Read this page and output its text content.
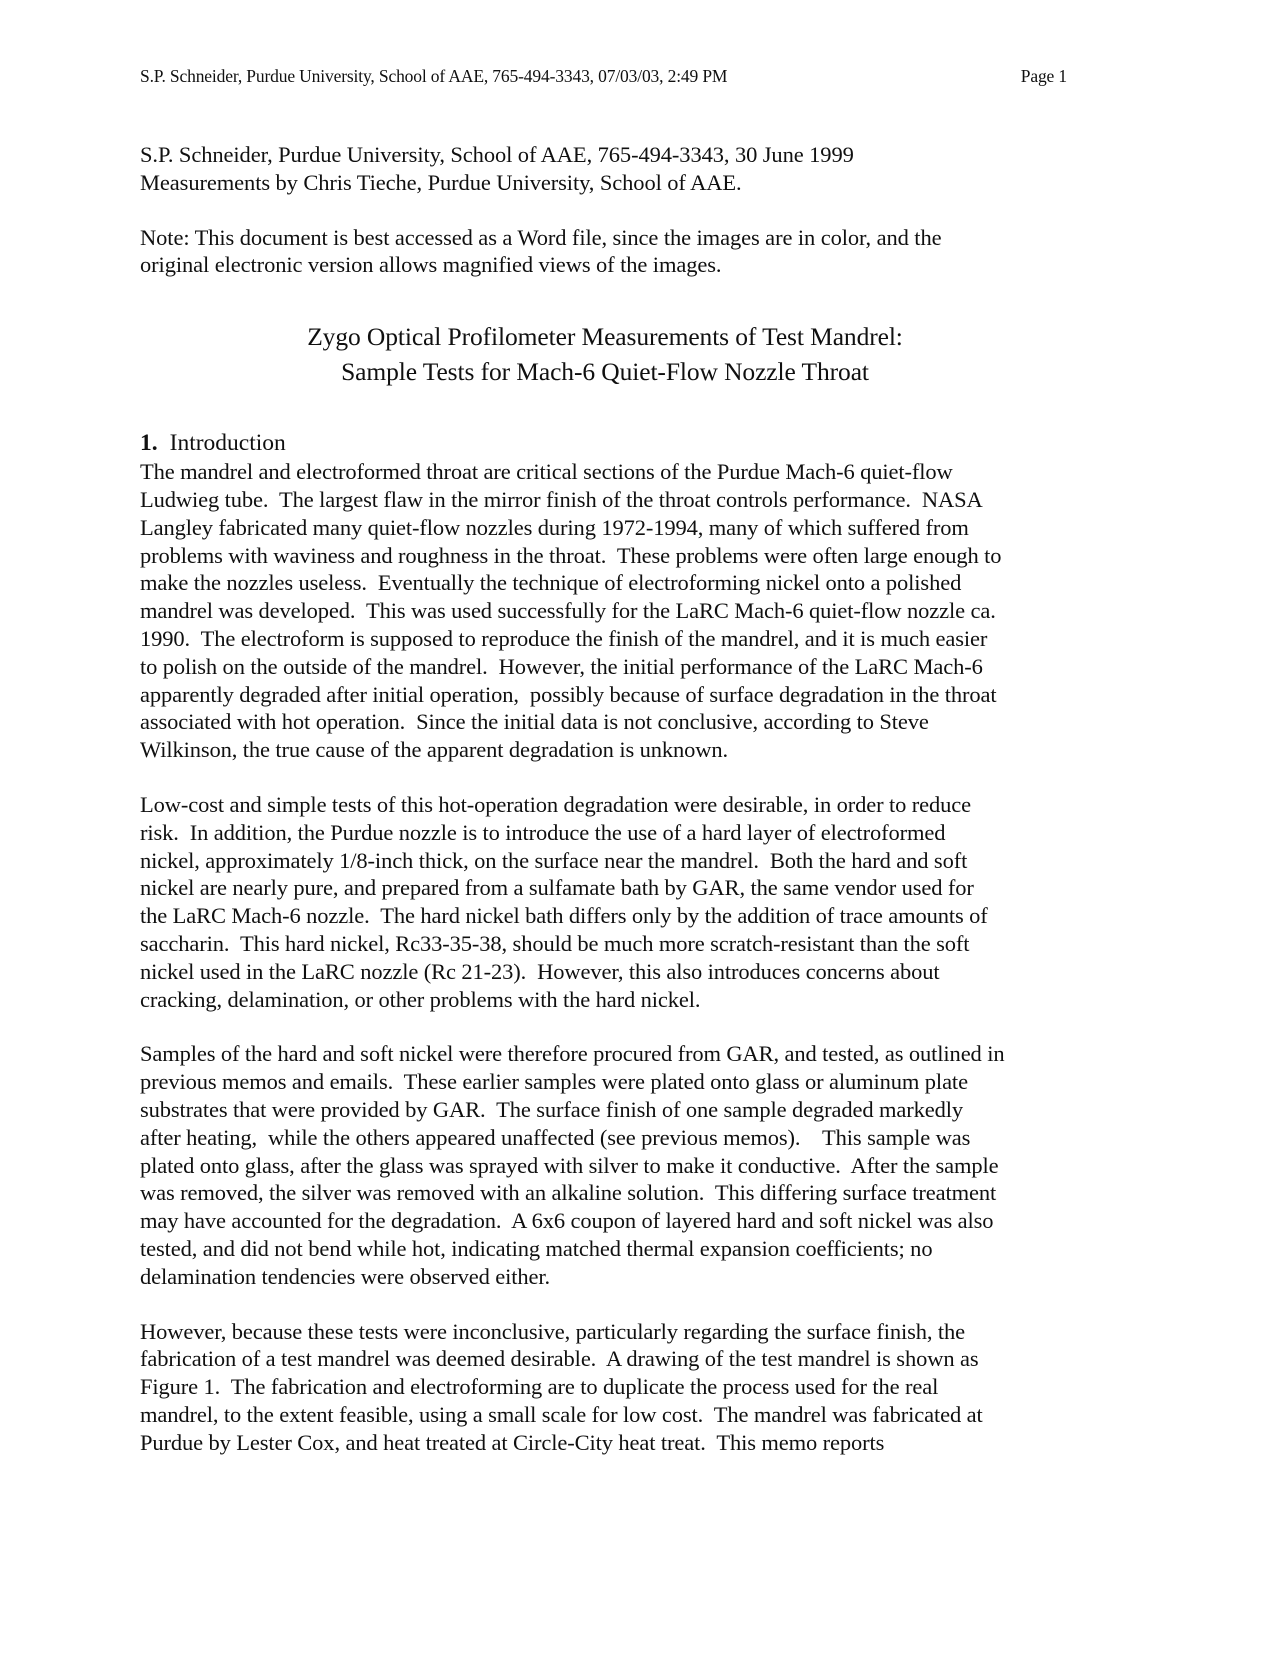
S.P. Schneider, Purdue University, School of AAE, 765-494-3343, 07/03/03, 2:49 PM	Page 1
S.P. Schneider, Purdue University, School of AAE, 765-494-3343, 30 June 1999
Measurements by Chris Tieche, Purdue University, School of AAE.
Note: This document is best accessed as a Word file, since the images are in color, and the
original electronic version allows magnified views of the images.
Zygo Optical Profilometer Measurements of Test Mandrel:
Sample Tests for Mach-6 Quiet-Flow Nozzle Throat
1. Introduction

The mandrel and electroformed throat are critical sections of the Purdue Mach-6 quiet-flow
Ludwieg tube.  The largest flaw in the mirror finish of the throat controls performance.  NASA
Langley fabricated many quiet-flow nozzles during 1972-1994, many of which suffered from
problems with waviness and roughness in the throat.  These problems were often large enough to
make the nozzles useless.  Eventually the technique of electroforming nickel onto a polished
mandrel was developed.  This was used successfully for the LaRC Mach-6 quiet-flow nozzle ca.
1990.  The electroform is supposed to reproduce the finish of the mandrel, and it is much easier
to polish on the outside of the mandrel.  However, the initial performance of the LaRC Mach-6
apparently degraded after initial operation,  possibly because of surface degradation in the throat
associated with hot operation.  Since the initial data is not conclusive, according to Steve
Wilkinson, the true cause of the apparent degradation is unknown.

Low-cost and simple tests of this hot-operation degradation were desirable, in order to reduce
risk.  In addition, the Purdue nozzle is to introduce the use of a hard layer of electroformed
nickel, approximately 1/8-inch thick, on the surface near the mandrel.  Both the hard and soft
nickel are nearly pure, and prepared from a sulfamate bath by GAR, the same vendor used for
the LaRC Mach-6 nozzle.  The hard nickel bath differs only by the addition of trace amounts of
saccharin.  This hard nickel, Rc33-35-38, should be much more scratch-resistant than the soft
nickel used in the LaRC nozzle (Rc 21-23).  However, this also introduces concerns about
cracking, delamination, or other problems with the hard nickel.

Samples of the hard and soft nickel were therefore procured from GAR, and tested, as outlined in
previous memos and emails.  These earlier samples were plated onto glass or aluminum plate
substrates that were provided by GAR.  The surface finish of one sample degraded markedly
after heating,  while the others appeared unaffected (see previous memos).    This sample was
plated onto glass, after the glass was sprayed with silver to make it conductive.  After the sample
was removed, the silver was removed with an alkaline solution.  This differing surface treatment
may have accounted for the degradation.  A 6x6 coupon of layered hard and soft nickel was also
tested, and did not bend while hot, indicating matched thermal expansion coefficients; no
delamination tendencies were observed either.

However, because these tests were inconclusive, particularly regarding the surface finish, the
fabrication of a test mandrel was deemed desirable.  A drawing of the test mandrel is shown as
Figure 1.  The fabrication and electroforming are to duplicate the process used for the real
mandrel, to the extent feasible, using a small scale for low cost.  The mandrel was fabricated at
Purdue by Lester Cox, and heat treated at Circle-City heat treat.  This memo reports
